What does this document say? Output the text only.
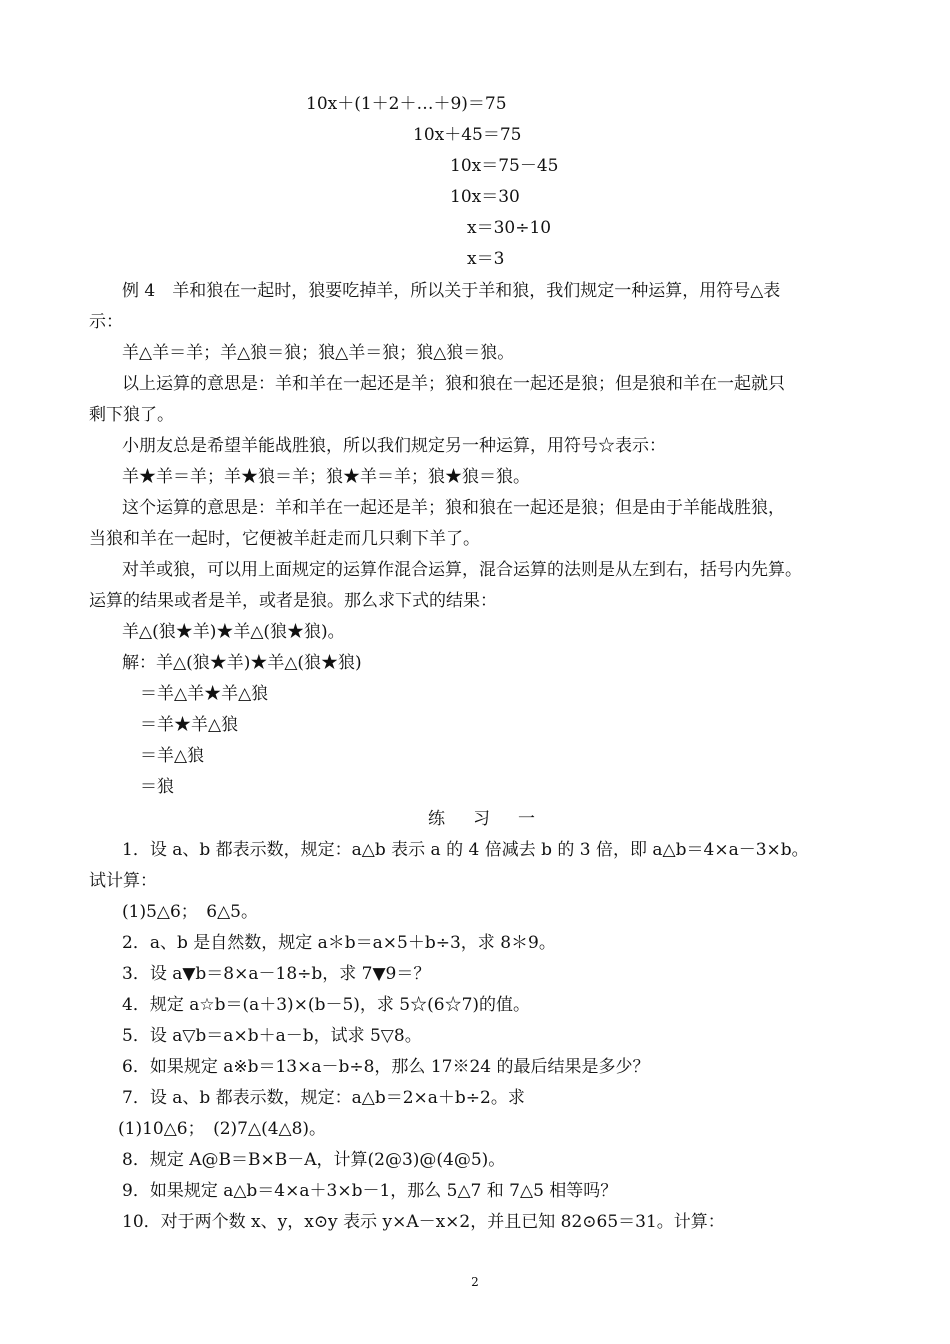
10x＋(1＋2＋…＋9)＝75
10x＋45＝75
10x＝75－45
10x＝30
x＝30÷10
x＝3
例 4　羊和狼在一起时，狼要吃掉羊，所以关于羊和狼，我们规定一种运算，用符号△表
示：
羊△羊＝羊；羊△狼＝狼；狼△羊＝狼；狼△狼＝狼。
以上运算的意思是：羊和羊在一起还是羊；狼和狼在一起还是狼；但是狼和羊在一起就只
剩下狼了。
小朋友总是希望羊能战胜狼，所以我们规定另一种运算，用符号☆表示：
羊★羊＝羊；羊★狼＝羊；狼★羊＝羊；狼★狼＝狼。
这个运算的意思是：羊和羊在一起还是羊；狼和狼在一起还是狼；但是由于羊能战胜狼，
当狼和羊在一起时，它便被羊赶走而几只剩下羊了。
对羊或狼，可以用上面规定的运算作混合运算，混合运算的法则是从左到右，括号内先算。
运算的结果或者是羊，或者是狼。那么求下式的结果：
羊△(狼★羊)★羊△(狼★狼)。
解：羊△(狼★羊)★羊△(狼★狼)
＝羊△羊★羊△狼
＝羊★羊△狼
＝羊△狼
＝狼
练习一
1．设 a、b 都表示数，规定：a△b 表示 a 的 4 倍减去 b 的 3 倍，即 a△b＝4×a－3×b。
试计算：
(1)5△6；　6△5。
2．a、b 是自然数，规定 a＊b＝a×5＋b÷3，求 8＊9。
3．设 a▼b＝8×a－18÷b，求 7▼9＝？
4．规定 a☆b＝(a＋3)×(b－5)，求 5☆(6☆7)的值。
5．设 a▽b＝a×b＋a－b，试求 5▽8。
6．如果规定 a※b＝13×a－b÷8，那么 17※24 的最后结果是多少？
7．设 a、b 都表示数，规定：a△b＝2×a＋b÷2。求
(1)10△6；　(2)7△(4△8)。
8．规定 A@B＝B×B－A，计算(2@3)@(4@5)。
9．如果规定 a△b＝4×a＋3×b－1，那么 5△7 和 7△5 相等吗？
10．对于两个数 x、y，x⊙y 表示 y×A－x×2，并且已知 82⊙65＝31。计算：
2
